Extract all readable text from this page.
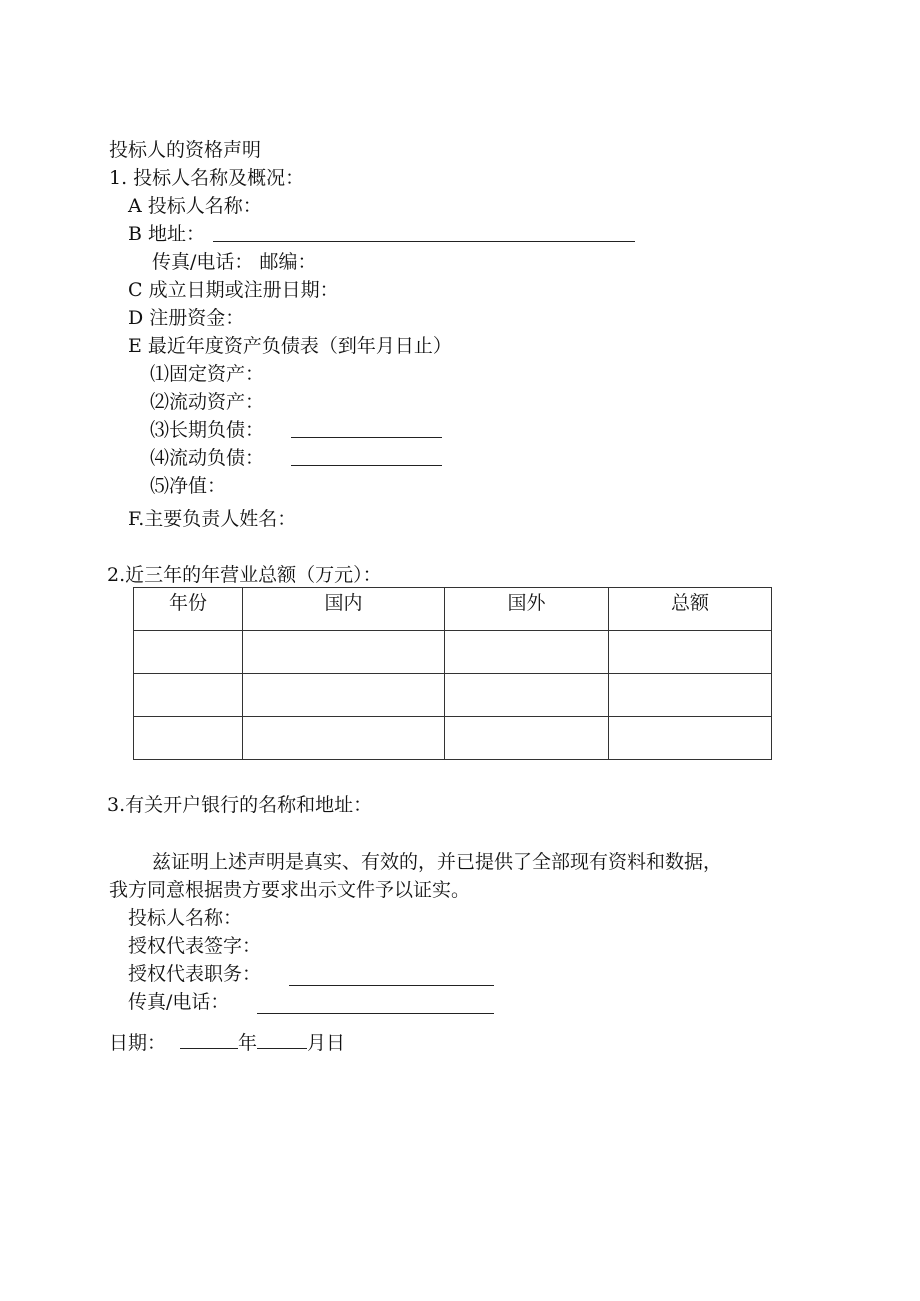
投标人的资格声明
1. 投标人名称及概况：
A 投标人名称：
B 地址：
传真/电话： 邮编：
C 成立日期或注册日期：
D 注册资金：
E 最近年度资产负债表（到年月日止）
⑴固定资产：
⑵流动资产：
⑶长期负债：
⑷流动负债：
⑸净值：
F.主要负责人姓名：
2.近三年的年营业总额（万元）：
年份	国内	国外	总额

3.有关开户银行的名称和地址：
兹证明上述声明是真实、有效的，并已提供了全部现有资料和数据，
我方同意根据贵方要求出示文件予以证实。
投标人名称：
授权代表签字：
授权代表职务：
传真/电话：
日期：	年	月日
